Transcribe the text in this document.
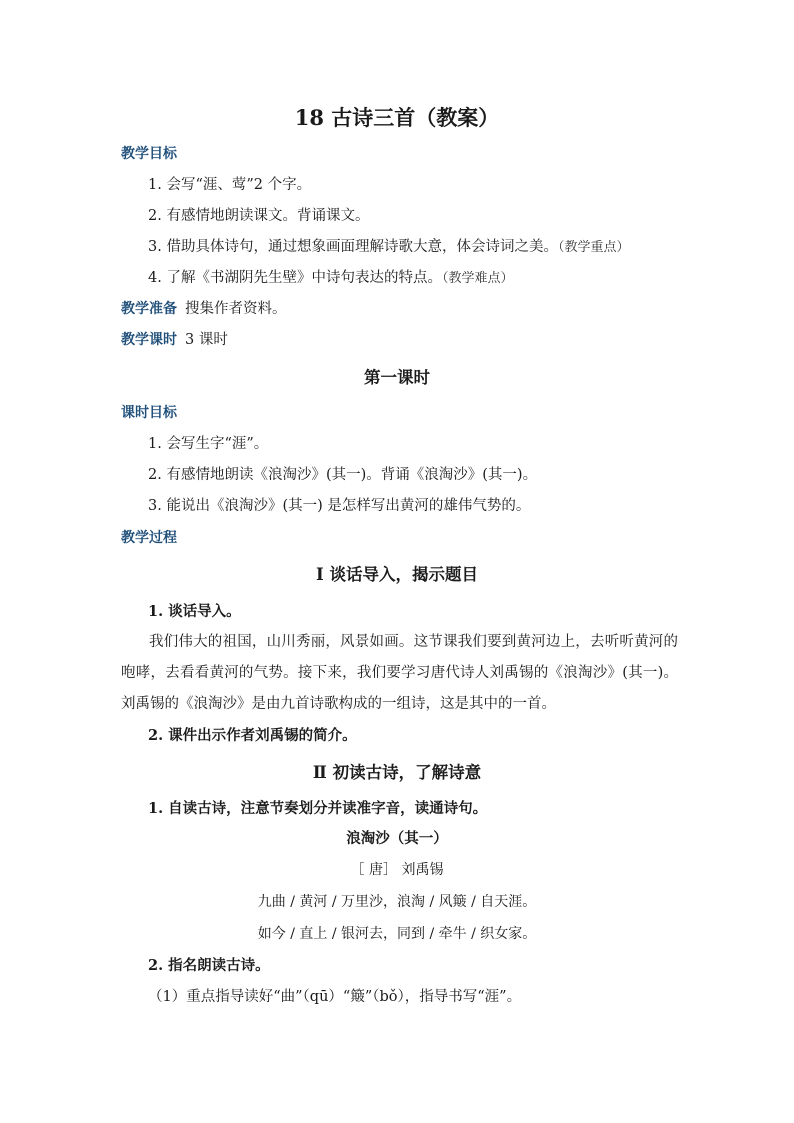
18 古诗三首（教案）
教学目标
1. 会写“涯、莺”2 个字。
2. 有感情地朗读课文。背诵课文。
3. 借助具体诗句，通过想象画面理解诗歌大意，体会诗词之美。（教学重点）
4. 了解《书湖阴先生壁》中诗句表达的特点。（教学难点）
教学准备 搜集作者资料。
教学课时 3 课时
第一课时
课时目标
1. 会写生字“涯”。
2. 有感情地朗读《浪淘沙》(其一)。背诵《浪淘沙》(其一)。
3. 能说出《浪淘沙》(其一) 是怎样写出黄河的雄伟气势的。
教学过程
Ⅰ 谈话导入，揭示题目
1. 谈话导入。
我们伟大的祖国，山川秀丽，风景如画。这节课我们要到黄河边上，去听听黄河的咆哮，去看看黄河的气势。接下来，我们要学习唐代诗人刘禹锡的《浪淘沙》(其一)。刘禹锡的《浪淘沙》是由九首诗歌构成的一组诗，这是其中的一首。
2. 课件出示作者刘禹锡的简介。
Ⅱ 初读古诗，了解诗意
1. 自读古诗，注意节奏划分并读准字音，读通诗句。
浪淘沙（其一）
［ 唐］ 刘禹锡
九曲 / 黄河 / 万里沙，浪淘 / 风簸 / 自天涯。
如今 / 直上 / 银河去，同到 / 牵牛 / 织女家。
2. 指名朗读古诗。
（1）重点指导读好“曲”（qū）“簸”（bǒ），指导书写“涯”。
